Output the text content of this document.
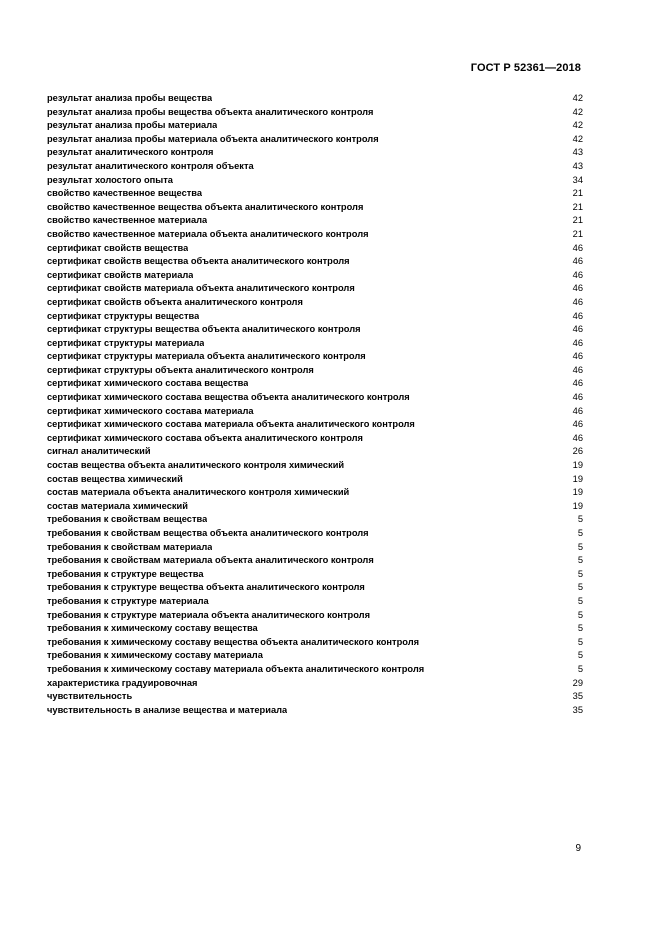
ГОСТ Р 52361—2018
результат анализа пробы вещества	42
результат анализа пробы вещества объекта аналитического контроля	42
результат анализа пробы материала	42
результат анализа пробы материала объекта аналитического контроля	42
результат аналитического контроля	43
результат аналитического контроля объекта	43
результат холостого опыта	34
свойство качественное вещества	21
свойство качественное вещества объекта аналитического контроля	21
свойство качественное материала	21
свойство качественное материала объекта аналитического контроля	21
сертификат свойств вещества	46
сертификат свойств вещества объекта аналитического контроля	46
сертификат свойств материала	46
сертификат свойств материала объекта аналитического контроля	46
сертификат свойств объекта аналитического контроля	46
сертификат структуры вещества	46
сертификат структуры вещества объекта аналитического контроля	46
сертификат структуры материала	46
сертификат структуры материала объекта аналитического контроля	46
сертификат структуры объекта аналитического контроля	46
сертификат химического состава вещества	46
сертификат химического состава вещества объекта аналитического контроля	46
сертификат химического состава материала	46
сертификат химического состава материала объекта аналитического контроля	46
сертификат химического состава объекта аналитического контроля	46
сигнал аналитический	26
состав вещества объекта аналитического контроля химический	19
состав вещества химический	19
состав материала объекта аналитического контроля химический	19
состав материала химический	19
требования к свойствам вещества	5
требования к свойствам вещества объекта аналитического контроля	5
требования к свойствам материала	5
требования к свойствам материала объекта аналитического контроля	5
требования к структуре вещества	5
требования к структуре вещества объекта аналитического контроля	5
требования к структуре материала	5
требования к структуре материала объекта аналитического контроля	5
требования к химическому составу вещества	5
требования к химическому составу вещества объекта аналитического контроля	5
требования к химическому составу материала	5
требования к химическому составу материала объекта аналитического контроля	5
характеристика градуировочная	29
чувствительность	35
чувствительность в анализе вещества и материала	35
9
